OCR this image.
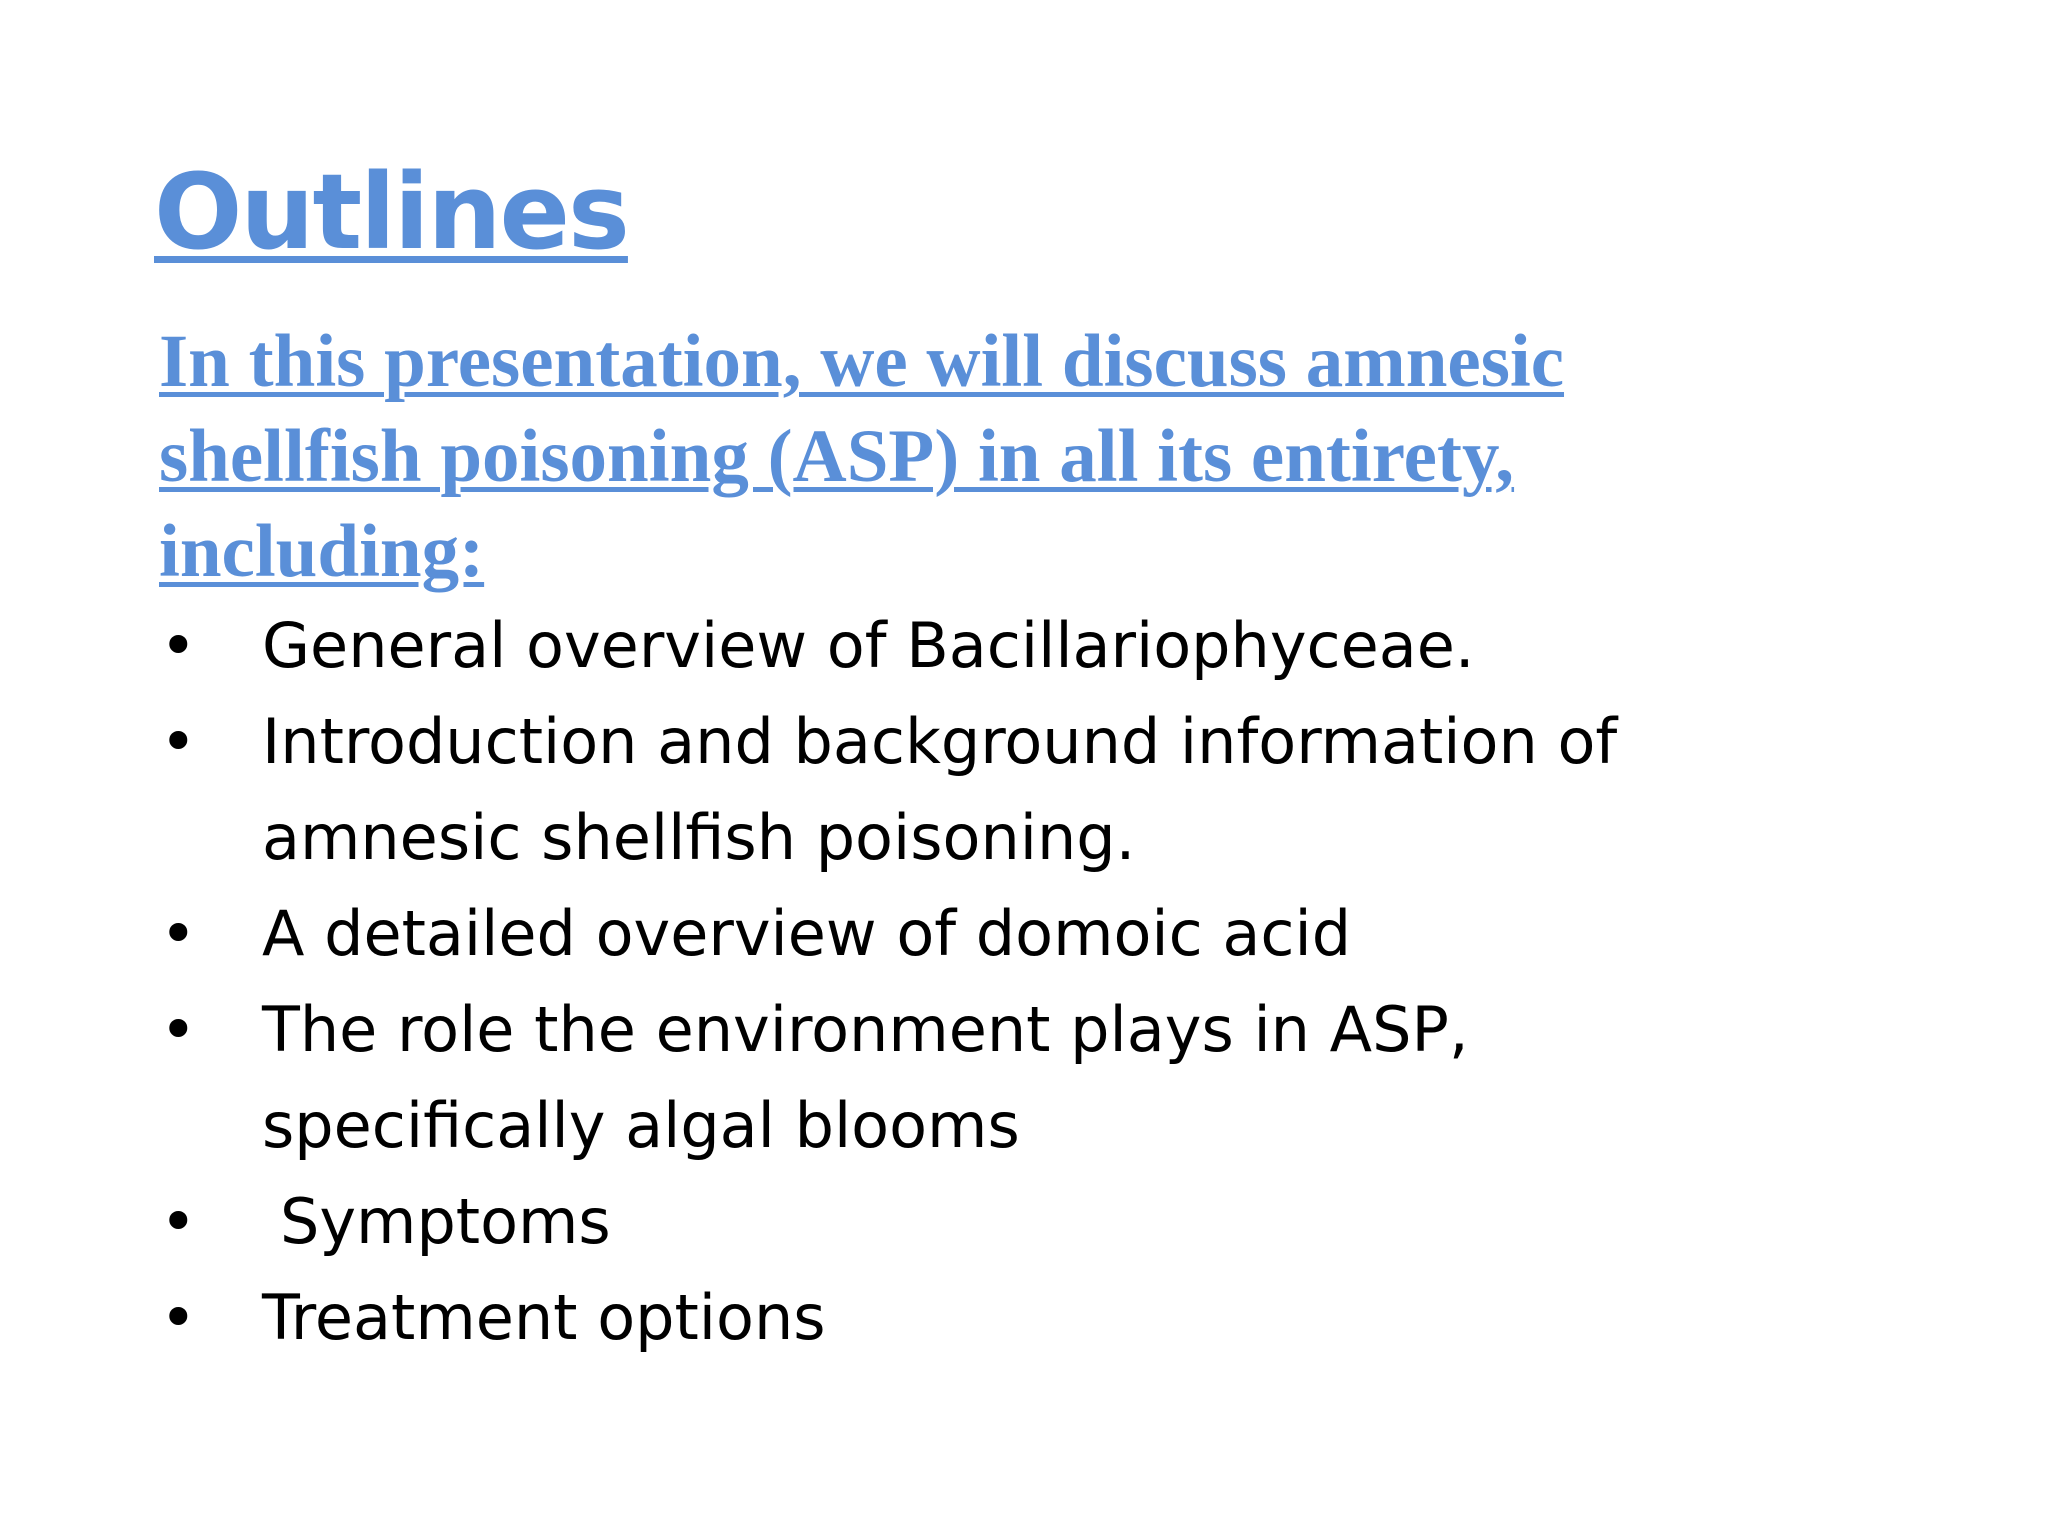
Outlines

In this presentation, we will discuss amnesic shellfish poisoning (ASP) in all its entirety, including:

• General overview of Bacillariophyceae.
• Introduction and background information of amnesic shellfish poisoning.
• A detailed overview of domoic acid
• The role the environment plays in ASP, specifically algal blooms
• Symptoms
• Treatment options
